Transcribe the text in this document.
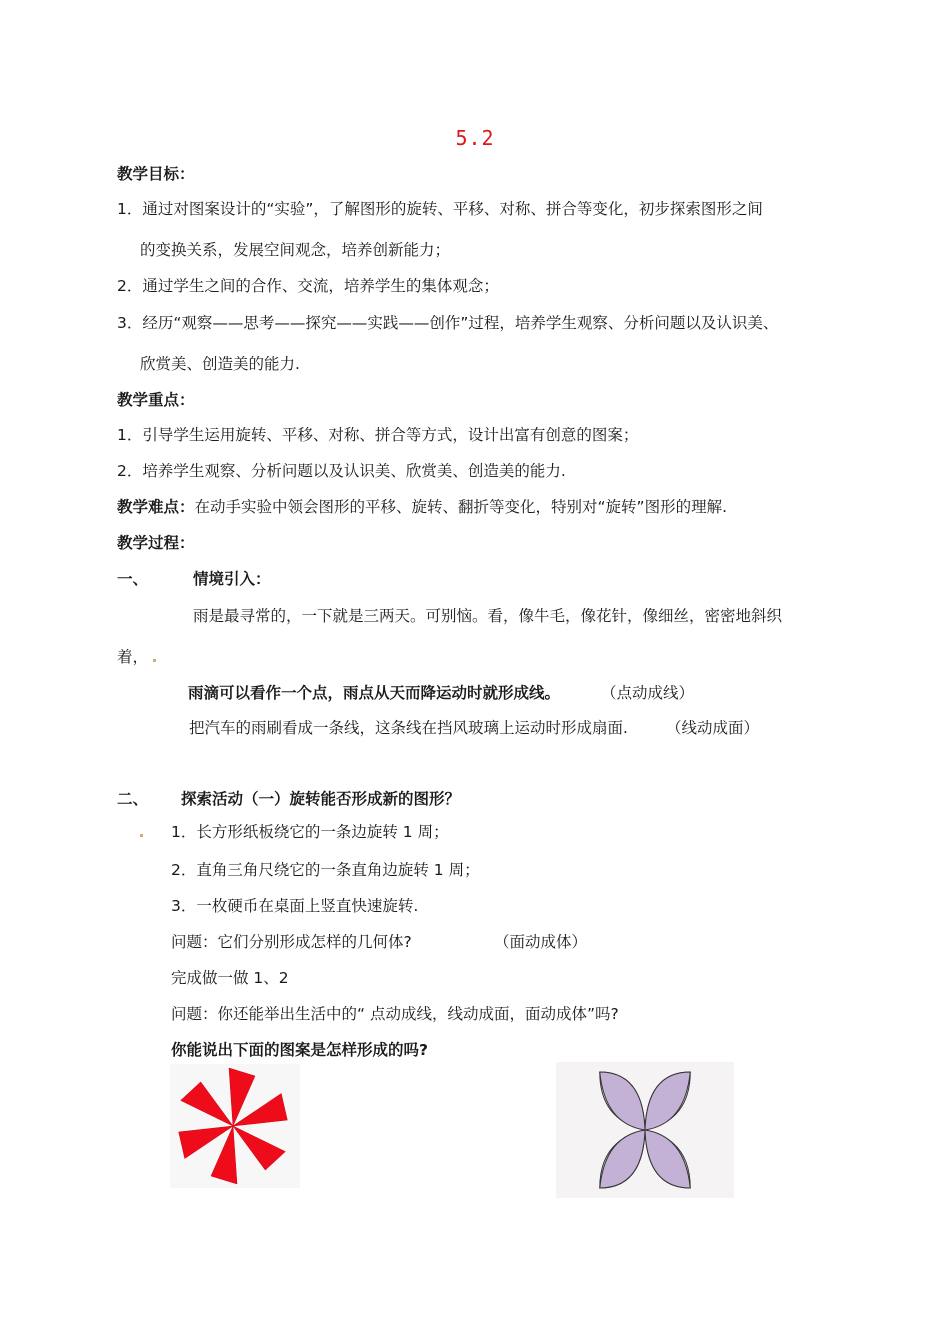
5.2
教学目标：
1．通过对图案设计的“实验”，了解图形的旋转、平移、对称、拼合等变化，初步探索图形之间
的变换关系，发展空间观念，培养创新能力；
2．通过学生之间的合作、交流，培养学生的集体观念；
3．经历“观察——思考——探究——实践——创作”过程，培养学生观察、分析问题以及认识美、
欣赏美、创造美的能力.
教学重点：
1．引导学生运用旋转、平移、对称、拼合等方式，设计出富有创意的图案；
2．培养学生观察、分析问题以及认识美、欣赏美、创造美的能力.
教学难点：在动手实验中领会图形的平移、旋转、翻折等变化，特别对“旋转”图形的理解.
教学过程：
一、	情境引入：
雨是最寻常的，一下就是三两天。可别恼。看，像牛毛，像花针，像细丝，密密地斜织
着，
雨滴可以看作一个点，雨点从天而降运动时就形成线。	（点动成线）
把汽车的雨刷看成一条线，这条线在挡风玻璃上运动时形成扇面. （线动成面）
二、 探索活动（一）旋转能否形成新的图形？
1．长方形纸板绕它的一条边旋转 1 周；
2．直角三角尺绕它的一条直角边旋转 1 周；
3．一枚硬币在桌面上竖直快速旋转.
问题：它们分别形成怎样的几何体?	（面动成体）
完成做一做 1、2
问题：你还能举出生活中的“ 点动成线，线动成面，面动成体”吗?
你能说出下面的图案是怎样形成的吗?
